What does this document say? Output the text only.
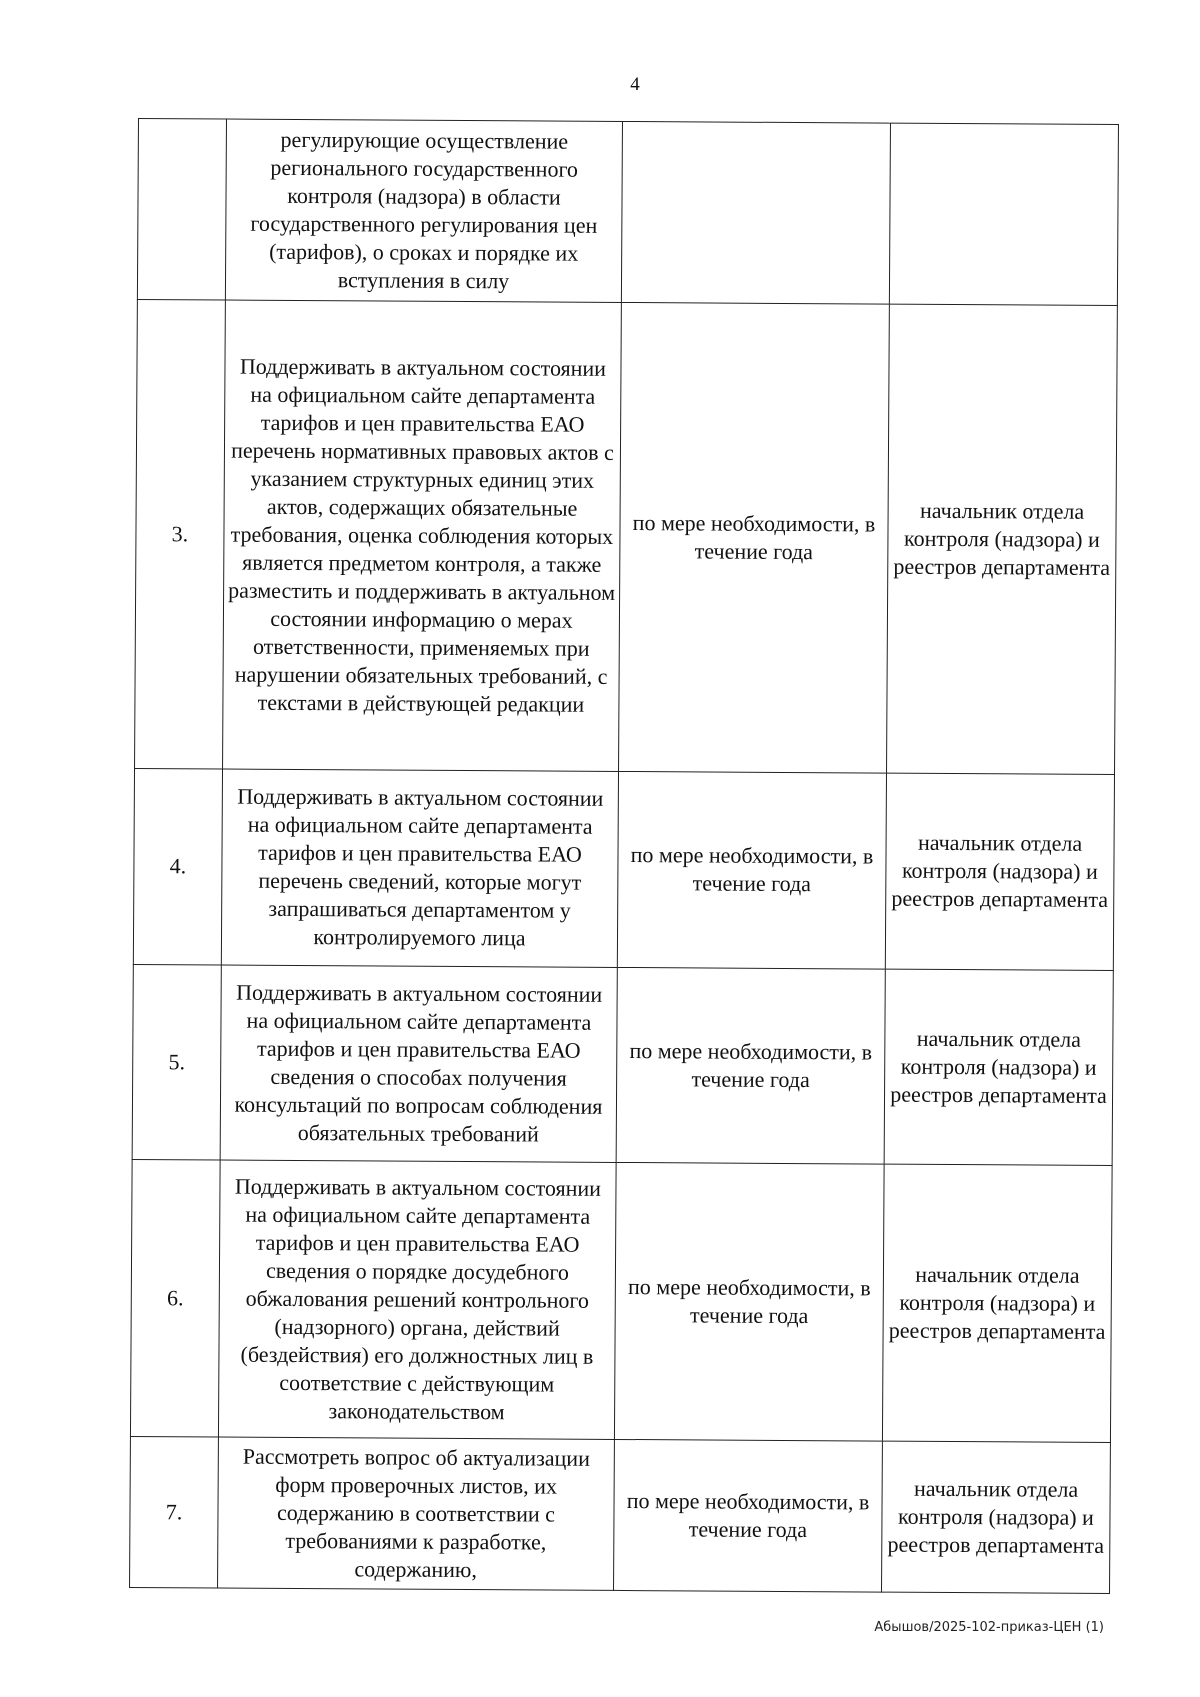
4
	регулирующие осуществление регионального государственного контроля (надзора) в области государственного регулирования цен (тарифов), о сроках и порядке их вступления в силу		
3.	Поддерживать в актуальном состоянии на официальном сайте департамента тарифов и цен правительства ЕАО перечень нормативных правовых актов с указанием структурных единиц этих актов, содержащих обязательные требования, оценка соблюдения которых является предметом контроля, а также разместить и поддерживать в актуальном состоянии информацию о мерах ответственности, применяемых при нарушении обязательных требований, с текстами в действующей редакции	по мере необходимости, в течение года	начальник отдела контроля (надзора) и реестров департамента
4.	Поддерживать в актуальном состоянии на официальном сайте департамента тарифов и цен правительства ЕАО перечень сведений, которые могут запрашиваться департаментом у контролируемого лица	по мере необходимости, в течение года	начальник отдела контроля (надзора) и реестров департамента
5.	Поддерживать в актуальном состоянии на официальном сайте департамента тарифов и цен правительства ЕАО сведения о способах получения консультаций по вопросам соблюдения обязательных требований	по мере необходимости, в течение года	начальник отдела контроля (надзора) и реестров департамента
6.	Поддерживать в актуальном состоянии на официальном сайте департамента тарифов и цен правительства ЕАО сведения о порядке досудебного обжалования решений контрольного (надзорного) органа, действий (бездействия) его должностных лиц в соответствие с действующим законодательством	по мере необходимости, в течение года	начальник отдела контроля (надзора) и реестров департамента
7.	Рассмотреть вопрос об актуализации форм проверочных листов, их содержанию в соответствии с требованиями к разработке, содержанию,	по мере необходимости, в течение года	начальник отдела контроля (надзора) и реестров департамента
Абышов/2025-102-приказ-ЦЕН (1)
